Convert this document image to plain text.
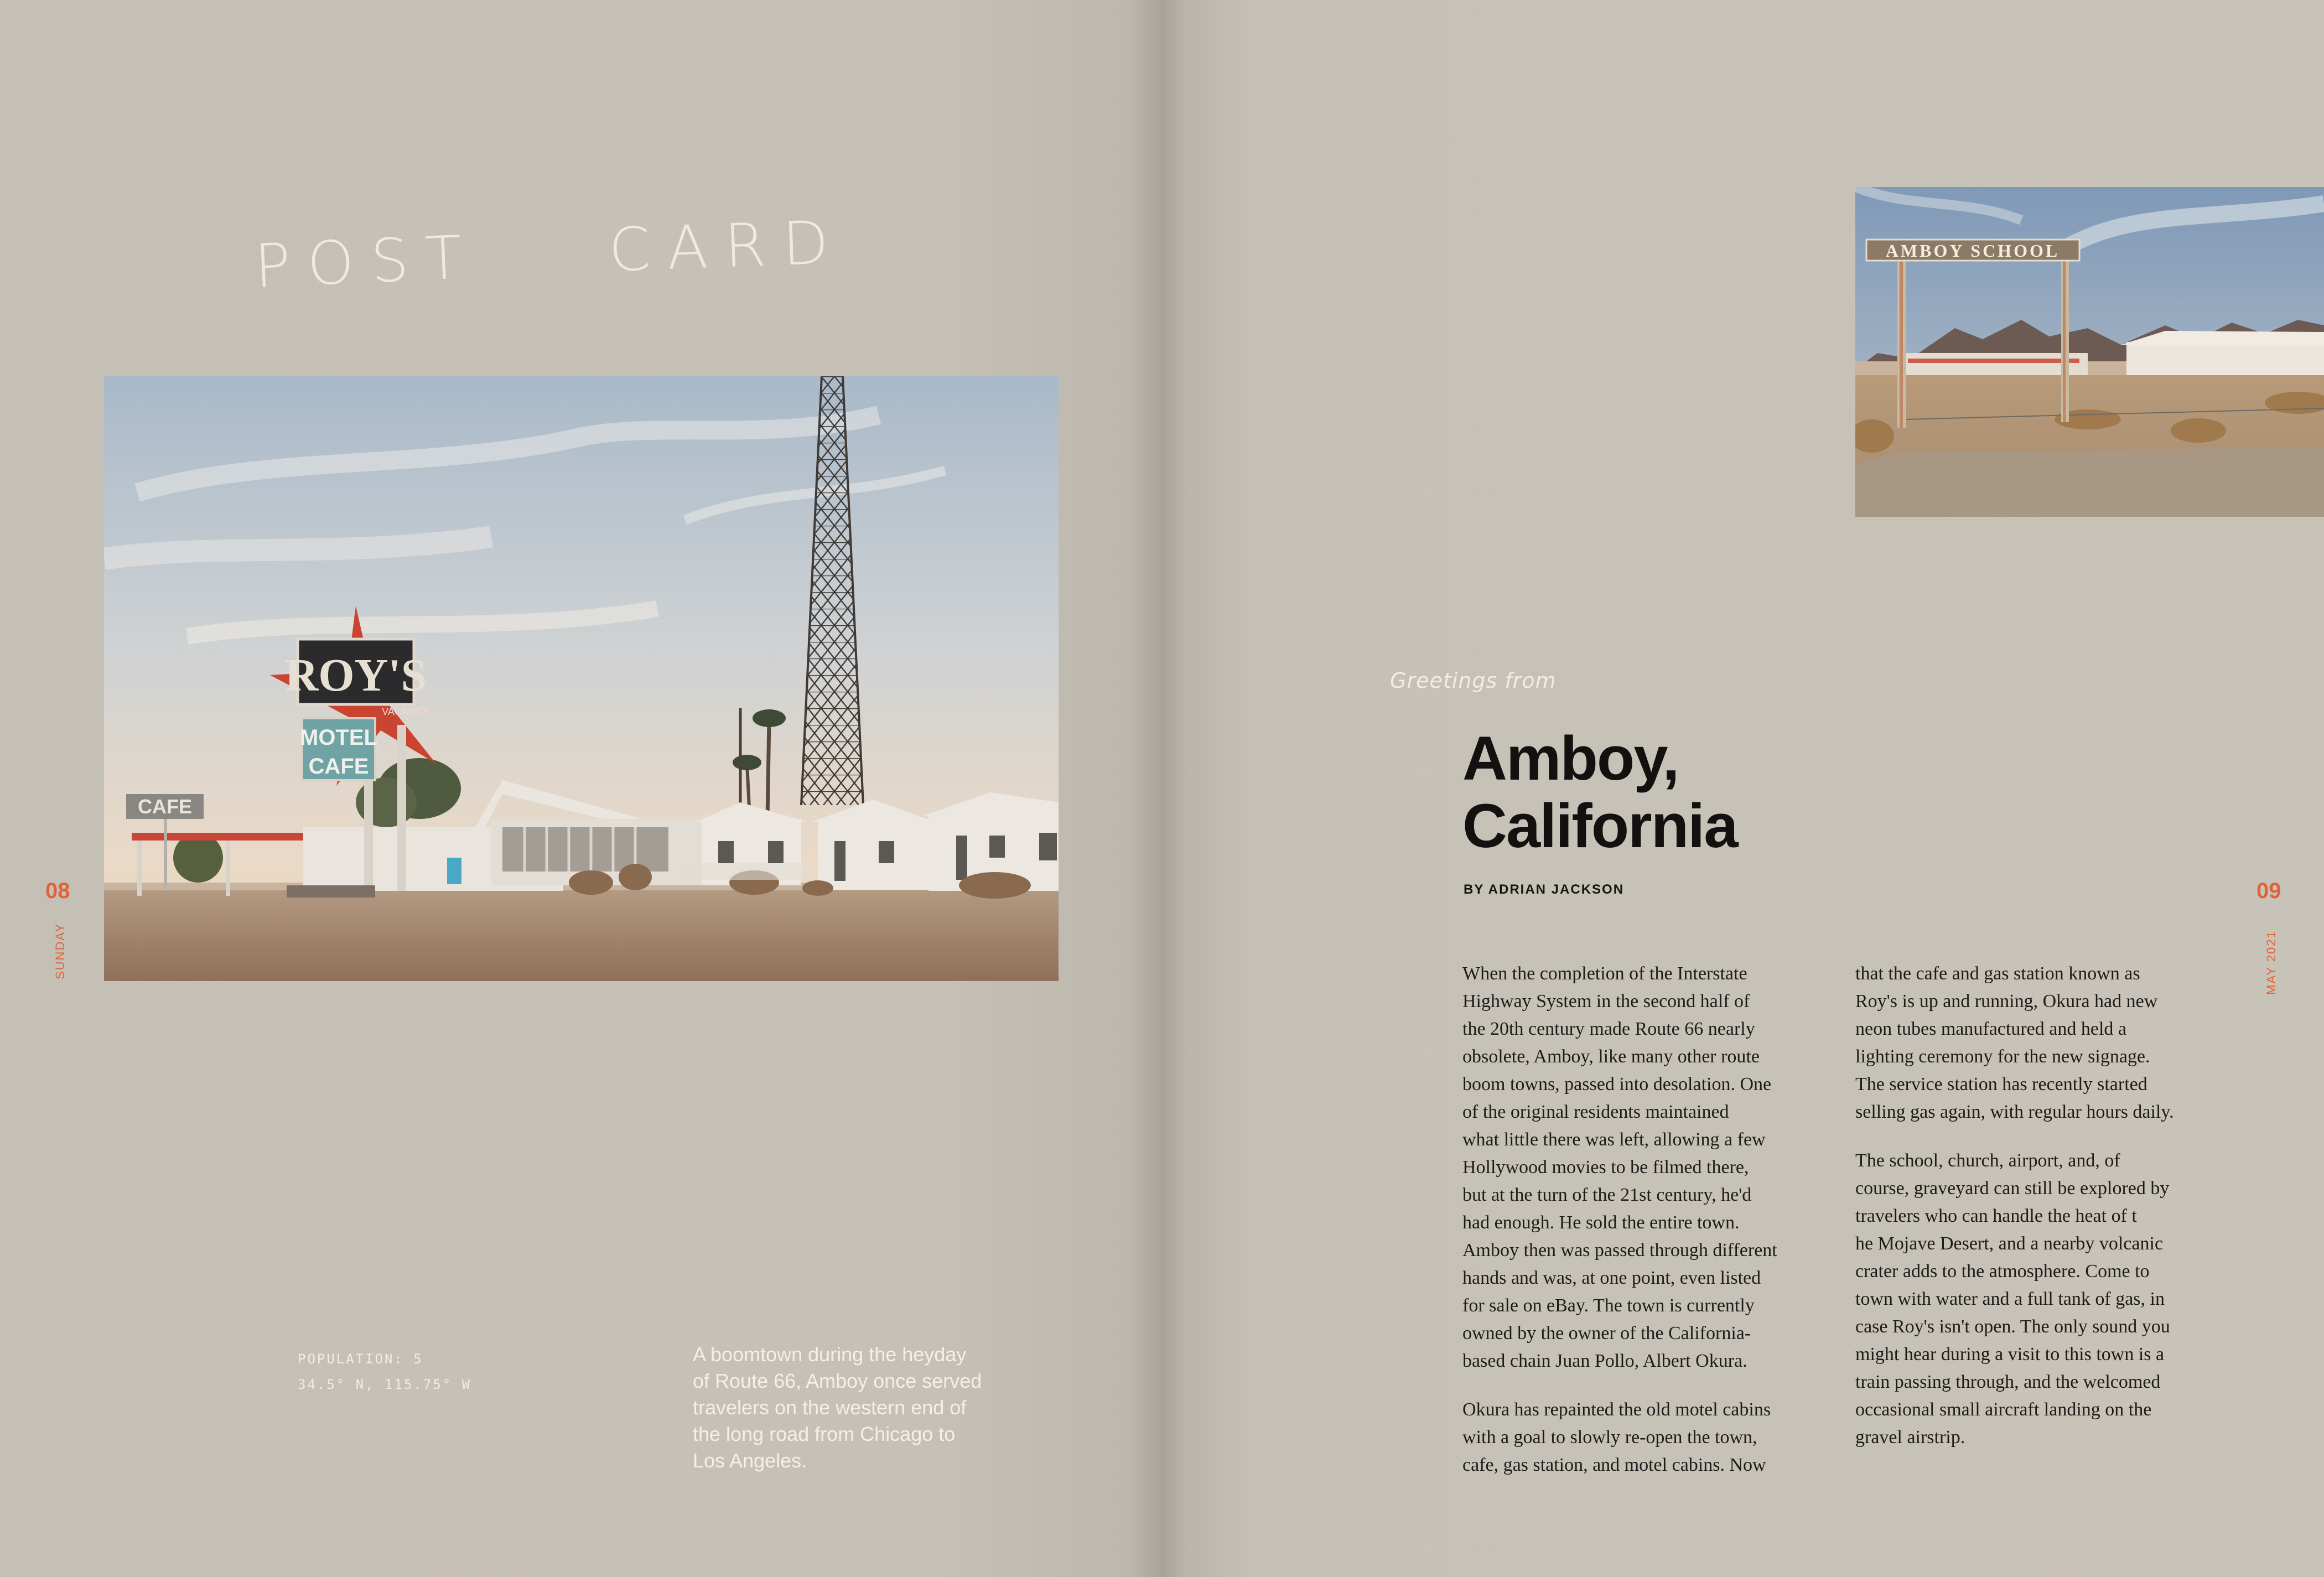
POST CARD
CAFE
ROY'S
VACANCY
MOTEL
CAFE
08
SUNDAY
POPULATION: 5
34.5° N, 115.75° W
A boomtown during the heyday
of Route 66, Amboy once served
travelers on the western end of
the long road from Chicago to
Los Angeles.
AMBOY SCHOOL
Greetings from
Amboy,
California
BY ADRIAN JACKSON
When the completion of the Interstate
Highway System in the second half of
the 20th century made Route 66 nearly
obsolete, Amboy, like many other route
boom towns, passed into desolation. One
of the original residents maintained
what little there was left, allowing a few
Hollywood movies to be filmed there,
but at the turn of the 21st century, he'd
had enough. He sold the entire town.
Amboy then was passed through different
hands and was, at one point, even listed
for sale on eBay. The town is currently
owned by the owner of the California-
based chain Juan Pollo, Albert Okura.
Okura has repainted the old motel cabins
with a goal to slowly re-open the town,
cafe, gas station, and motel cabins. Now
that the cafe and gas station known as
Roy's is up and running, Okura had new
neon tubes manufactured and held a
lighting ceremony for the new signage.
The service station has recently started
selling gas again, with regular hours daily.
The school, church, airport, and, of
course, graveyard can still be explored by
travelers who can handle the heat of t
he Mojave Desert, and a nearby volcanic
crater adds to the atmosphere. Come to
town with water and a full tank of gas, in
case Roy's isn't open. The only sound you
might hear during a visit to this town is a
train passing through, and the welcomed
occasional small aircraft landing on the
gravel airstrip.
09
MAY 2021
